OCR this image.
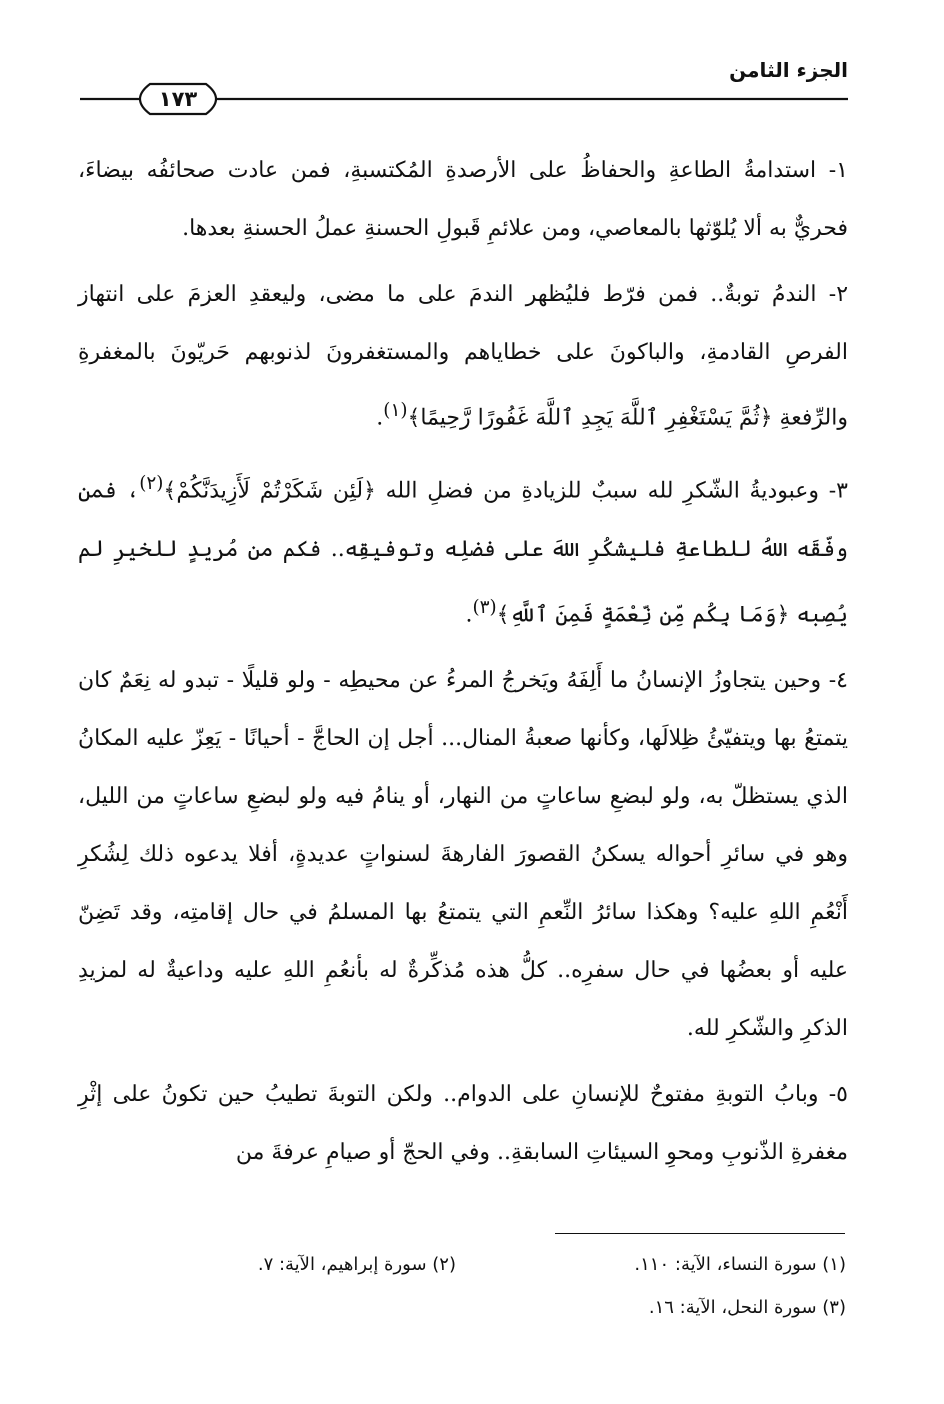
الجزء الثامن
١٧٣

١- استدامةُ الطاعةِ والحفاظُ على الأرصدةِ المُكتسبةِ، فمن عادت صحائفُه بيضاءَ، فحريٌّ به ألا يُلوّثها بالمعاصي، ومن علائمِ قَبولِ الحسنةِ عملُ الحسنةِ بعدها.

٢- الندمُ توبةٌ.. فمن فرّط فليُظهر الندمَ على ما مضى، وليعقدِ العزمَ على انتهاز الفرصِ القادمةِ، والباكونَ على خطاياهم والمستغفرونَ لذنوبهم حَريّونَ بالمغفرةِ والرِّفعةِ ﴿ثُمَّ يَسْتَغْفِرِ ٱللَّهَ يَجِدِ ٱللَّهَ غَفُورًا رَّحِيمًا﴾$^{(١)}$.

٣- وعبوديةُ الشّكرِ لله سببٌ للزيادةِ من فضلِ الله ﴿لَئِن شَكَرْتُمْ لَأَزِيدَنَّكُمْ﴾$^{(٢)}$، فمن وفّقَه اللهُ للطاعةِ فليشكُرِ اللهَ على فضلِه وتوفيقِه.. فكم من مُريدٍ للخيرِ لم يُصِبه ﴿وَمَا بِكُم مِّن نِّعْمَةٍ فَمِنَ ٱللَّهِ﴾$^{(٣)}$.

٤- وحين يتجاوزُ الإنسانُ ما أَلِفَهُ ويَخرجُ المرءُ عن محيطِه - ولو قليلًا - تبدو له نِعَمٌ كان يتمتعُ بها ويتفيّئُ ظِلالَها، وكأنها صعبةُ المنال... أجل إن الحاجَّ - أحيانًا - يَعِزّ عليه المكانُ الذي يستظلّ به، ولو لبضعِ ساعاتٍ من النهار، أو ينامُ فيه ولو لبضعِ ساعاتٍ من الليل، وهو في سائرِ أحواله يسكنُ القصورَ الفارهةَ لسنواتٍ عديدةٍ، أفلا يدعوه ذلك لِشُكرِ أَنْعُمِ اللهِ عليه؟ وهكذا سائرُ النِّعمِ التي يتمتعُ بها المسلمُ في حال إقامتِه، وقد تَضِنّ عليه أو بعضُها في حال سفرِه.. كلُّ هذه مُذكِّرةٌ له بأنعُمِ اللهِ عليه وداعيةٌ له لمزيدِ الذكرِ والشّكرِ لله.

٥- وبابُ التوبةِ مفتوحٌ للإنسانِ على الدوام.. ولكن التوبةَ تطيبُ حين تكونُ على إثْرِ مغفرةِ الذّنوبِ ومحوِ السيئاتِ السابقةِ.. وفي الحجّ أو صيامِ عرفةَ من

(١) سورة النساء، الآية: ١١٠.
(٢) سورة إبراهيم، الآية: ٧.
(٣) سورة النحل، الآية: ١٦.
